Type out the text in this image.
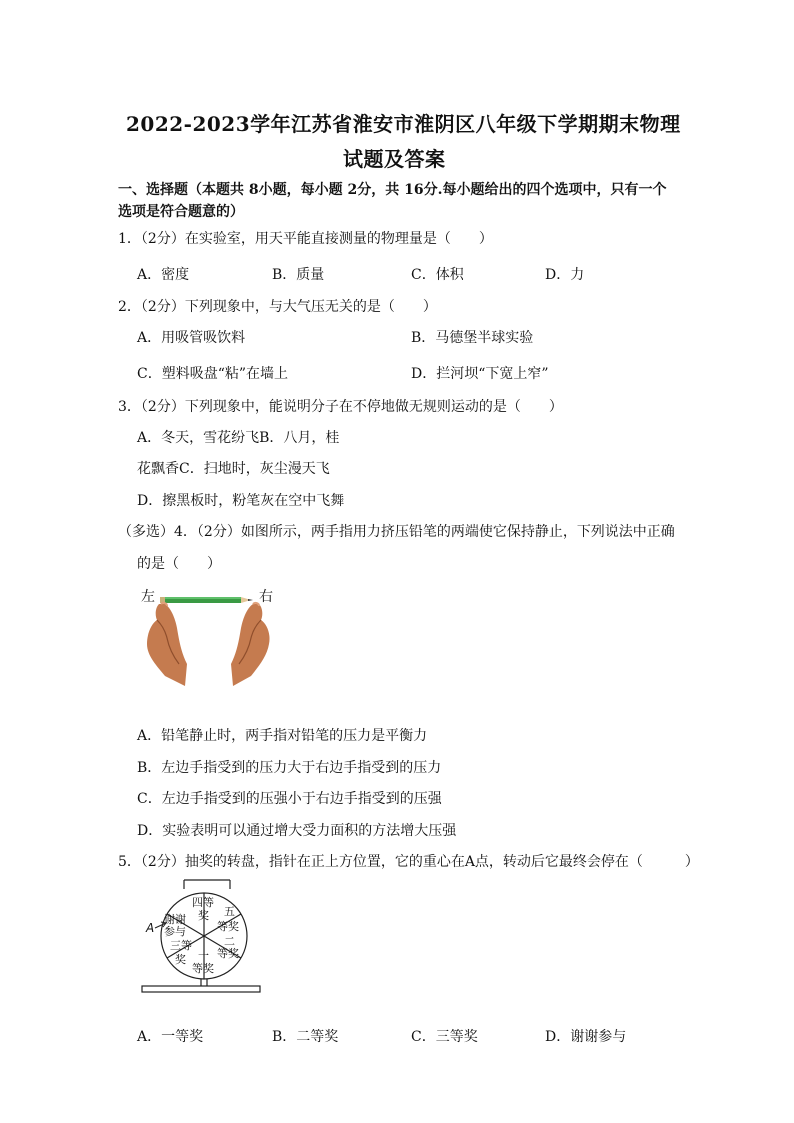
2022-2023学年江苏省淮安市淮阴区八年级下学期期末物理
试题及答案
一、选择题（本题共 8小题，每小题 2分，共 16分.每小题给出的四个选项中，只有一个
选项是符合题意的）
1．（2分）在实验室，用天平能直接测量的物理量是（　　）
A．密度	B．质量	C．体积	D．力
2．（2分）下列现象中，与大气压无关的是（　　）
A．用吸管吸饮料	B．马德堡半球实验
C．塑料吸盘“粘”在墙上	D．拦河坝“下宽上窄”
3．（2分）下列现象中，能说明分子在不停地做无规则运动的是（　　）
A．冬天，雪花纷飞B．八月，桂
花飘香C．扫地时，灰尘漫天飞
D．擦黑板时，粉笔灰在空中飞舞
（多选）4．（2分）如图所示，两手指用力挤压铅笔的两端使它保持静止，下列说法中正确
的是（　　）
左	右
A．铅笔静止时，两手指对铅笔的压力是平衡力
B．左边手指受到的压力大于右边手指受到的压力
C．左边手指受到的压强小于右边手指受到的压强
D．实验表明可以通过增大受力面积的方法增大压强
5．（2分）抽奖的转盘，指针在正上方位置，它的重心在A点，转动后它最终会停在（　　　）
A
四等
奖 五
等奖
二
等奖
一
等奖
三等
奖
谢谢
参与
A．一等奖	B．二等奖	C．三等奖	D．谢谢参与
